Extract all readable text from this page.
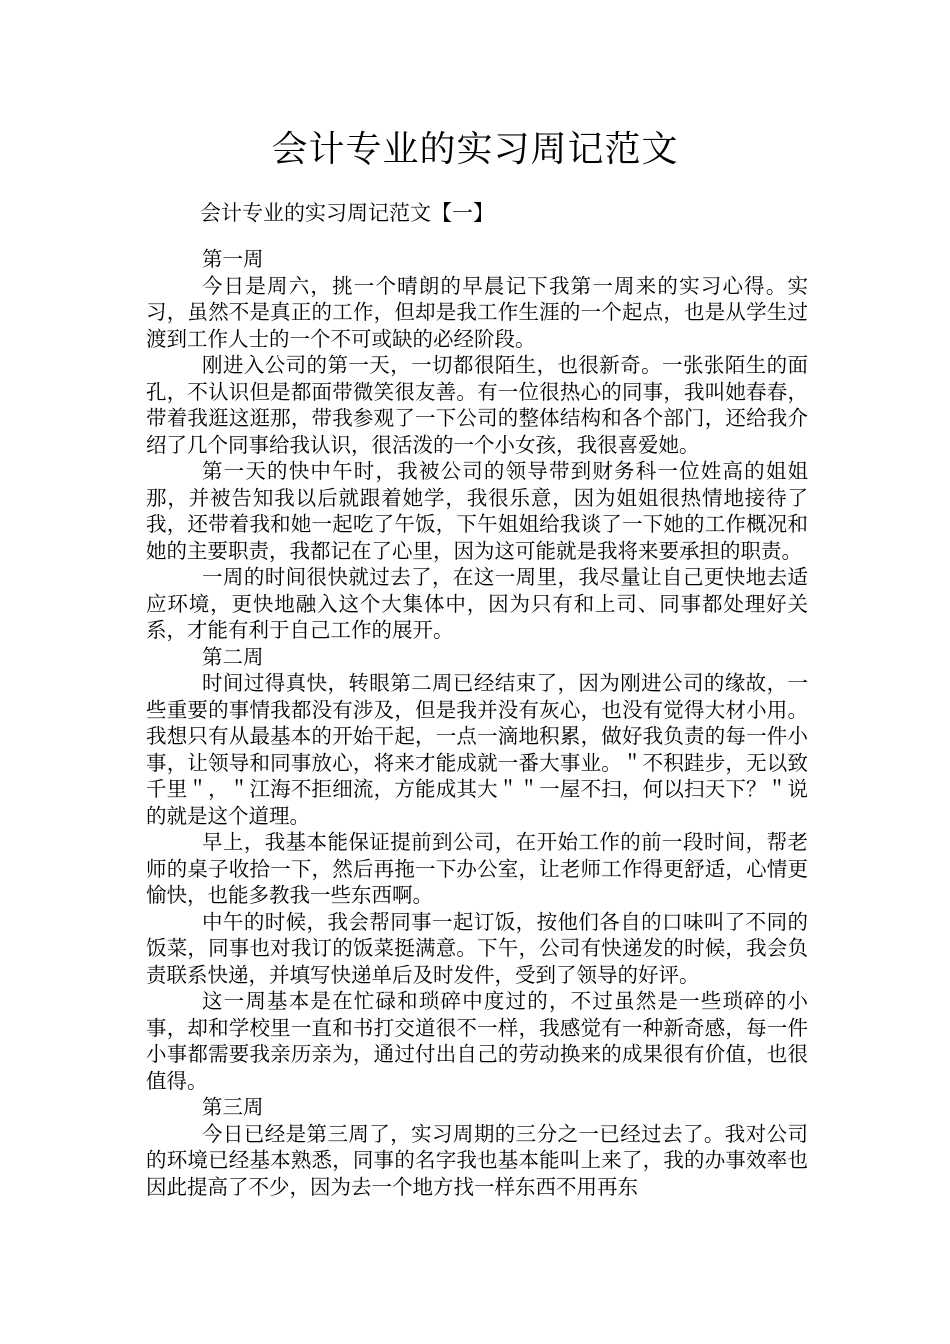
会计专业的实习周记范文
会计专业的实习周记范文【一】

第一周

今日是周六，挑一个晴朗的早晨记下我第一周来的实习心得。实习，虽然不是真正的工作，但却是我工作生涯的一个起点，也是从学生过渡到工作人士的一个不可或缺的必经阶段。

刚进入公司的第一天，一切都很陌生，也很新奇。一张张陌生的面孔，不认识但是都面带微笑很友善。有一位很热心的同事，我叫她春春，带着我逛这逛那，带我参观了一下公司的整体结构和各个部门，还给我介绍了几个同事给我认识，很活泼的一个小女孩，我很喜爱她。

第一天的快中午时，我被公司的领导带到财务科一位姓高的姐姐那，并被告知我以后就跟着她学，我很乐意，因为姐姐很热情地接待了我，还带着我和她一起吃了午饭，下午姐姐给我谈了一下她的工作概况和她的主要职责，我都记在了心里，因为这可能就是我将来要承担的职责。

一周的时间很快就过去了，在这一周里，我尽量让自己更快地去适应环境，更快地融入这个大集体中，因为只有和上司、同事都处理好关系，才能有利于自己工作的展开。

第二周

时间过得真快，转眼第二周已经结束了，因为刚进公司的缘故，一些重要的事情我都没有涉及，但是我并没有灰心，也没有觉得大材小用。我想只有从最基本的开始干起，一点一滴地积累，做好我负责的每一件小事，让领导和同事放心，将来才能成就一番大事业。＂不积跬步，无以致千里＂，＂江海不拒细流，方能成其大＂＂一屋不扫，何以扫天下？＂说的就是这个道理。

早上，我基本能保证提前到公司，在开始工作的前一段时间，帮老师的桌子收拾一下，然后再拖一下办公室，让老师工作得更舒适，心情更愉快，也能多教我一些东西啊。

中午的时候，我会帮同事一起订饭，按他们各自的口味叫了不同的饭菜，同事也对我订的饭菜挺满意。下午，公司有快递发的时候，我会负责联系快递，并填写快递单后及时发件，受到了领导的好评。

这一周基本是在忙碌和琐碎中度过的，不过虽然是一些琐碎的小事，却和学校里一直和书打交道很不一样，我感觉有一种新奇感，每一件小事都需要我亲历亲为，通过付出自己的劳动换来的成果很有价值，也很值得。

第三周

今日已经是第三周了，实习周期的三分之一已经过去了。我对公司的环境已经基本熟悉，同事的名字我也基本能叫上来了，我的办事效率也因此提高了不少，因为去一个地方找一样东西不用再东
